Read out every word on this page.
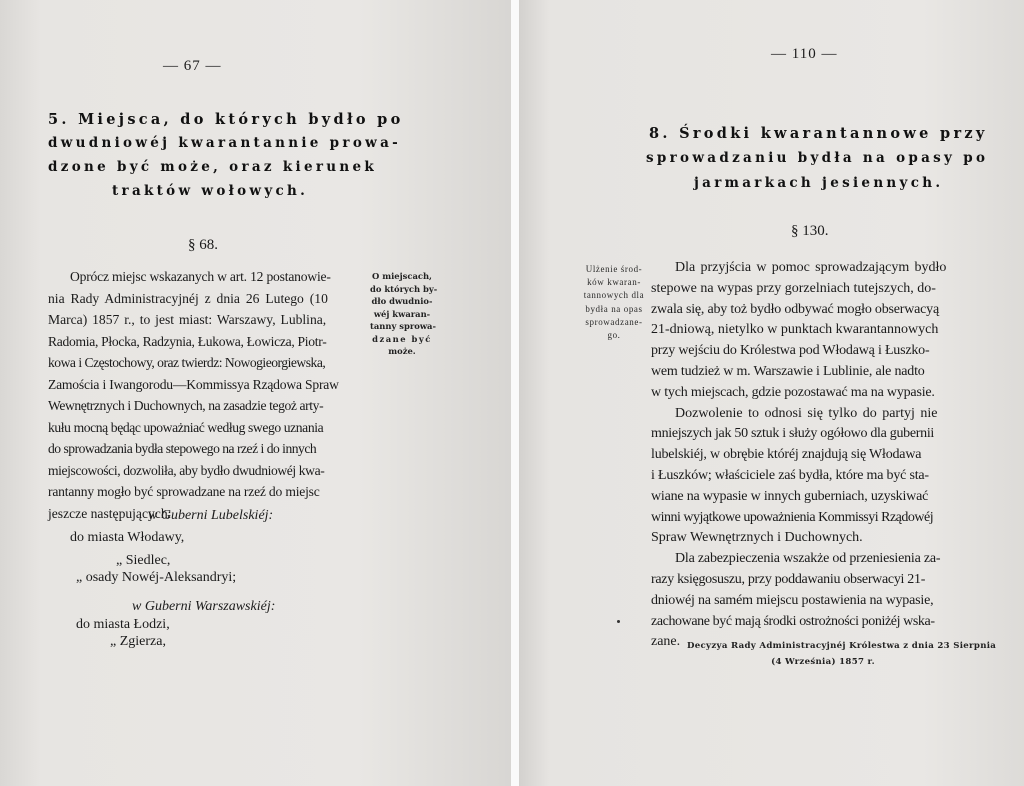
— 67 —
5. Miejsca, do których bydło po
dwudniowéj kwarantannie prowa-
dzone być może, oraz kierunek
traktów wołowych.
§ 68.
Oprócz miejsc wskazanych w art. 12 postanowie-
nia Rady Administracyjnéj z dnia 26 Lutego (10
Marca) 1857 r., to jest miast: Warszawy, Lublina,
Radomia, Płocka, Radzynia, Łukowa, Łowicza, Piotr-
kowa i Częstochowy, oraz twierdz: Nowogieorgiewska,
Zamościa i Iwangorodu—Kommissya Rządowa Spraw
Wewnętrznych i Duchownych, na zasadzie tegoż arty-
kułu mocną będąc upoważniać według swego uznania
do sprowadzania bydła stepowego na rzeź i do innych
miejscowości, dozwoliła, aby bydło dwudniowéj kwa-
rantanny mogło być sprowadzane na rzeź do miejsc
jeszcze następujących:
O miejscach,
do których by-
dło dwudnio-
wéj kwaran-
tanny sprowa-
dzane być
może.
w Guberni Lubelskiéj:
do miasta Włodawy,
„ Siedlec,
„ osady Nowéj-Aleksandryi;
w Guberni Warszawskiéj:
do miasta Łodzi,
„ Zgierza,
— 110 —
8. Środki kwarantannowe przy
sprowadzaniu bydła na opasy po
jarmarkach jesiennych.
§ 130.
Ulżenie środ-
ków kwaran-
tannowych dla
bydła na opas
sprowadzane-
go.
Dla przyjścia w pomoc sprowadzającym bydło
stepowe na wypas przy gorzelniach tutejszych, do-
zwala się, aby toż bydło odbywać mogło obserwacyą
21-dniową, nietylko w punktach kwarantannowych
przy wejściu do Królestwa pod Włodawą i Łuszko-
wem tudzież w m. Warszawie i Lublinie, ale nadto
w tych miejscach, gdzie pozostawać ma na wypasie.
Dozwolenie to odnosi się tylko do partyj nie
mniejszych jak 50 sztuk i służy ogółowo dla gubernii
lubelskiéj, w obrębie któréj znajdują się Włodawa
i Łuszków; właściciele zaś bydła, które ma być sta-
wiane na wypasie w innych guberniach, uzyskiwać
winni wyjątkowe upoważnienia Kommissyi Rządowéj
Spraw Wewnętrznych i Duchownych.
Dla zabezpieczenia wszakże od przeniesienia za-
razy księgosuszu, przy poddawaniu obserwacyi 21-
dniowéj na samém miejscu postawienia na wypasie,
zachowane być mają środki ostrożności poniżéj wska-
zane. Decyzya Rady Administracyjnéj Królestwa z dnia 23 Sierpnia
(4 Września) 1857 r.
